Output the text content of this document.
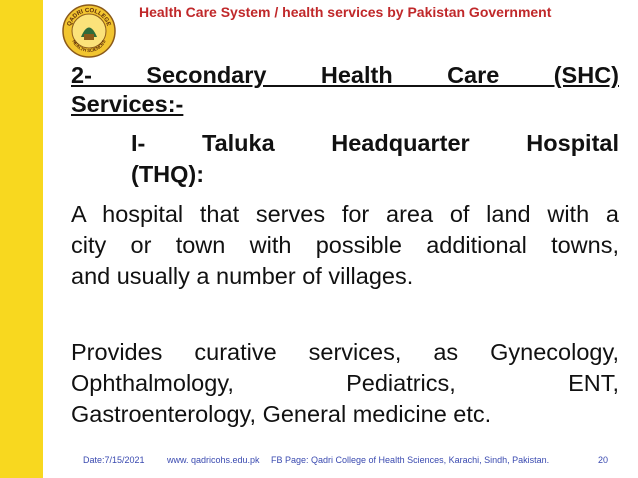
QADRI COLLEGE
HEALTH SCIENCES
Health Care System / health services by Pakistan Government
2- Secondary Health Care (SHC)
Services:-
I- Taluka Headquarter Hospital
(THQ):
A hospital that serves for area of land with a
city or town with possible additional towns,
and usually a number of villages.
Provides curative services, as Gynecology,
Ophthalmology, Pediatrics, ENT,
Gastroenterology, General medicine etc.
Date:7/15/2021 www. qadricohs.edu.pk FB Page: Qadri College of Health Sciences, Karachi, Sindh, Pakistan.	20
